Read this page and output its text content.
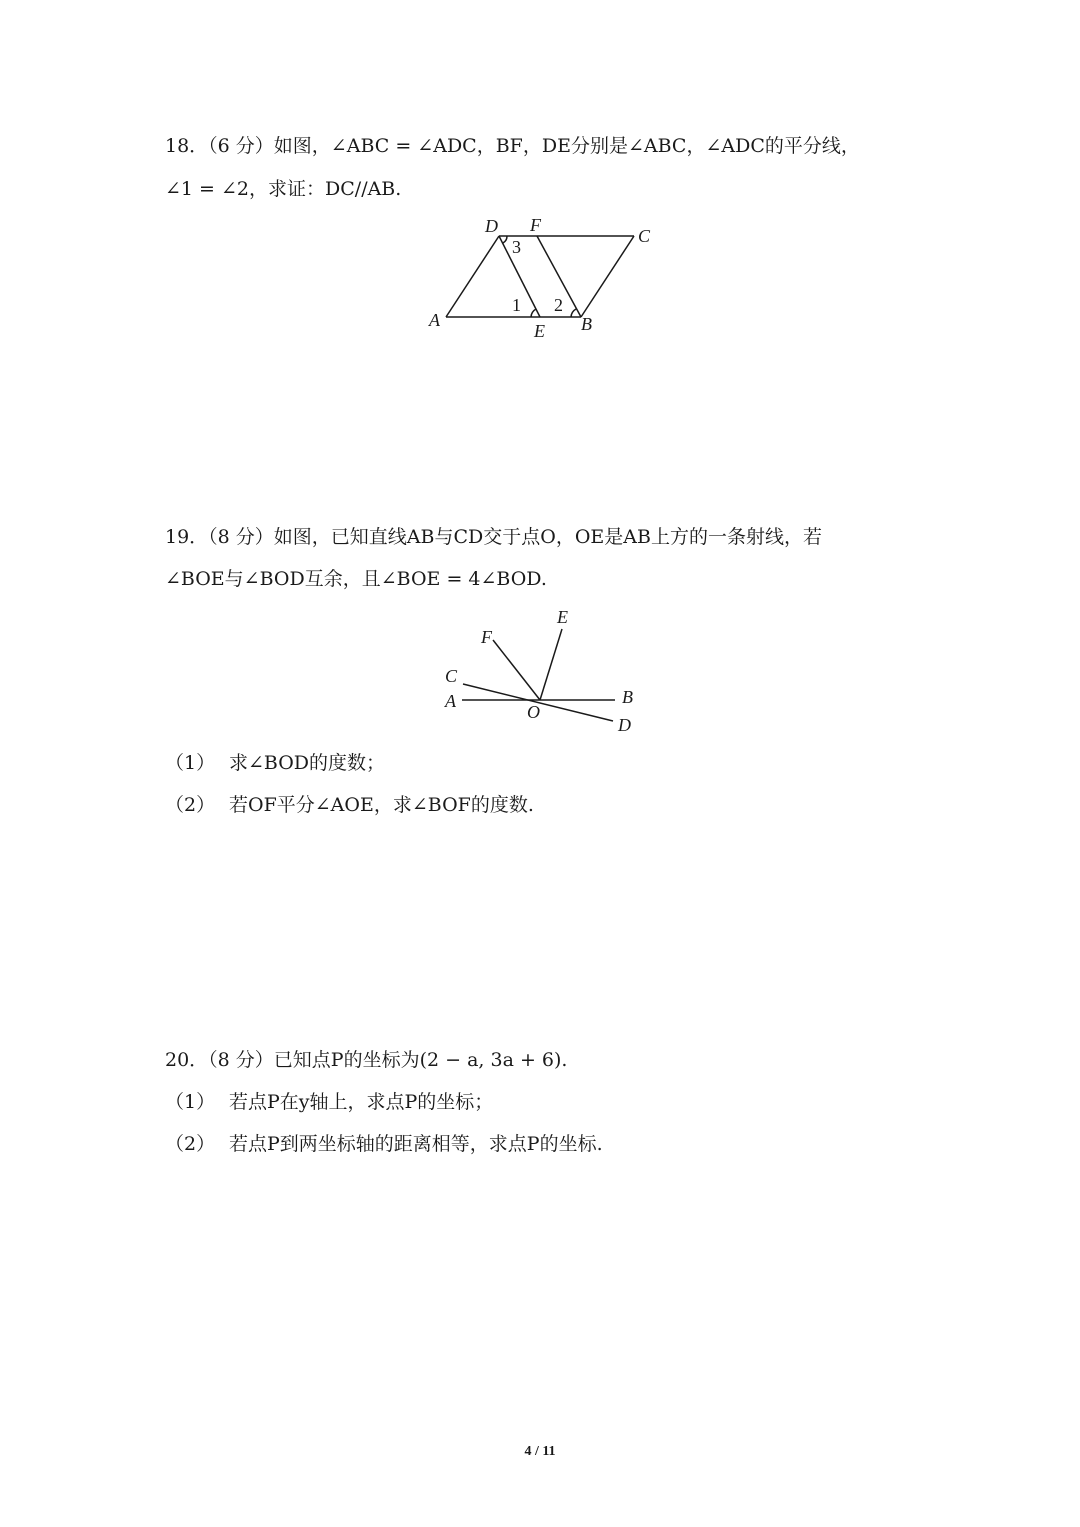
18．（6 分）如图，∠ABC = ∠ADC，BF，DE分别是∠ABC，∠ADC的平分线，
∠1 = ∠2，求证：DC//AB.
D F
C
A
E B
3
1 2
19．（8 分）如图，已知直线AB与CD交于点O，OE是AB上方的一条射线，若
∠BOE与∠BOD互余，且∠BOE = 4∠BOD.
E
F
C
A
O
B
D
（1） 求∠BOD的度数；
（2） 若OF平分∠AOE，求∠BOF的度数.
20．（8 分）已知点P的坐标为(2 − a, 3a + 6).
（1） 若点P在y轴上，求点P的坐标；
（2） 若点P到两坐标轴的距离相等，求点P的坐标.
4 / 11
